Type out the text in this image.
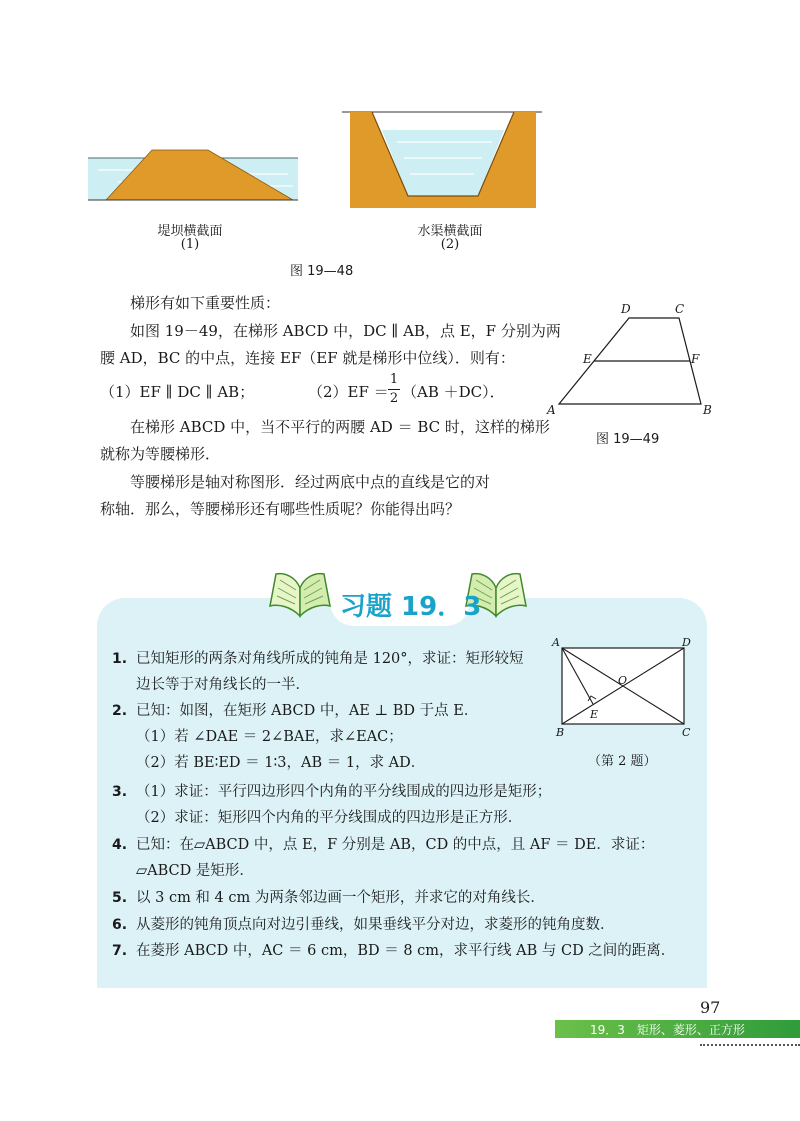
堤坝横截面
(1)
水渠横截面
(2)
图 19—48
梯形有如下重要性质：
如图 19－49，在梯形 ABCD 中，DC ∥ AB，点 E，F 分别为两
腰 AD，BC 的中点，连接 EF（EF 就是梯形中位线）．则有：
（1）EF ∥ DC ∥ AB；	（2）EF ＝
1
2 （AB ＋DC）．
在梯形 ABCD 中，当不平行的两腰 AD ＝ BC 时，这样的梯形
就称为等腰梯形．
等腰梯形是轴对称图形．经过两底中点的直线是它的对
称轴．那么，等腰梯形还有哪些性质呢？你能得出吗？
A	B
C
D
E	F
图 19—49
习题 19．3
1. 已知矩形的两条对角线所成的钝角是 120°，求证：矩形较短
边长等于对角线长的一半．
2. 已知：如图，在矩形 ABCD 中，AE ⊥ BD 于点 E．
（1）若 ∠DAE ＝ 2∠BAE，求∠EAC；
（2）若 BE∶ED ＝ 1∶3，AB ＝ 1，求 AD．
3. （1）求证：平行四边形四个内角的平分线围成的四边形是矩形；
（2）求证：矩形四个内角的平分线围成的四边形是正方形．
4. 已知：在▱ABCD 中，点 E，F 分别是 AB，CD 的中点，且 AF ＝ DE．求证：
▱ABCD 是矩形．
5. 以 3 cm 和 4 cm 为两条邻边画一个矩形，并求它的对角线长．
6. 从菱形的钝角顶点向对边引垂线，如果垂线平分对边，求菱形的钝角度数．
7. 在菱形 ABCD 中，AC ＝ 6 cm，BD ＝ 8 cm，求平行线 AB 与 CD 之间的距离．
A	D
B	C
O
E
（第 2 题）
97
19．3　矩形、菱形、正方形
